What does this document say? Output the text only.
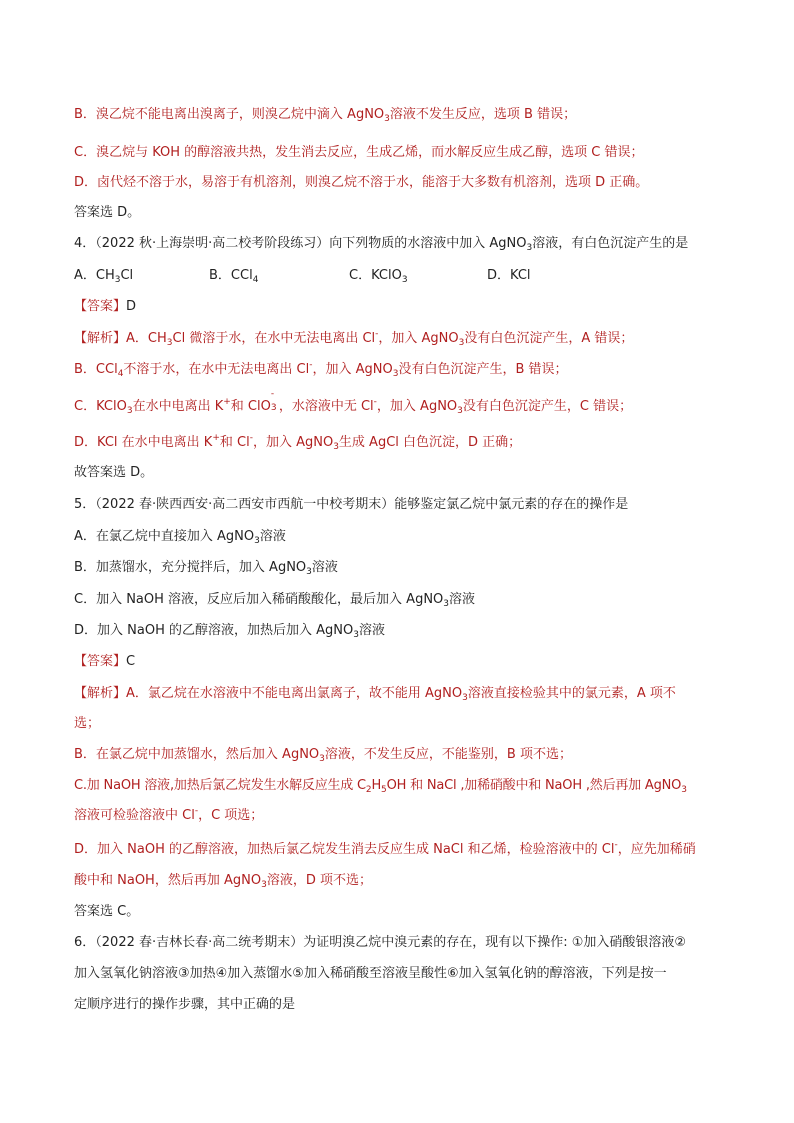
B．溴乙烷不能电离出溴离子，则溴乙烷中滴入 AgNO$_3$溶液不发生反应，选项 B 错误；
C．溴乙烷与 KOH 的醇溶液共热，发生消去反应，生成乙烯，而水解反应生成乙醇，选项 C 错误；
D．卤代烃不溶于水，易溶于有机溶剂，则溴乙烷不溶于水，能溶于大多数有机溶剂，选项 D 正确。
答案选 D。
4．（2022 秋·上海崇明·高二校考阶段练习）向下列物质的水溶液中加入 AgNO$_3$溶液，有白色沉淀产生的是
A．$CH_3Cl$	B．CCl$_4$	C．KClO$_3$	D．KCl
【答案】D
【解析】A．$CH_3Cl$ 微溶于水，在水中无法电离出 Cl-，加入 AgNO$_3$没有白色沉淀产生，A 错误；
B．CCl$_4$不溶于水，在水中无法电离出 Cl-，加入 AgNO$_3$没有白色沉淀产生，B 错误；
C．KClO$_3$在水中电离出 K+和 ClO
-
3 ，水溶液中无 Cl-，加入 AgNO$_3$没有白色沉淀产生，C 错误；
D．KCl 在水中电离出 K+和 Cl-，加入 AgNO$_3$生成 AgCl 白色沉淀，D 正确；
故答案选 D。
5．（2022 春·陕西西安·高二西安市西航一中校考期末）能够鉴定氯乙烷中氯元素的存在的操作是
A．在氯乙烷中直接加入 AgNO$_3$溶液
B．加蒸馏水，充分搅拌后，加入 AgNO$_3$溶液
C．加入 NaOH 溶液，反应后加入稀硝酸酸化，最后加入 AgNO$_3$溶液
D．加入 NaOH 的乙醇溶液，加热后加入 AgNO$_3$溶液
【答案】C
【解析】A．氯乙烷在水溶液中不能电离出氯离子，故不能用 AgNO$_3$溶液直接检验其中的氯元素，A 项不
选；
B．在氯乙烷中加蒸馏水，然后加入 AgNO$_3$溶液，不发生反应，不能鉴别，B 项不选；
C.加 NaOH 溶液,加热后氯乙烷发生水解反应生成 $C_2H_5OH$ 和 NaCl ,加稀硝酸中和 NaOH ,然后再加 AgNO$_3$
溶液可检验溶液中 Cl-，C 项选；
D．加入 NaOH 的乙醇溶液，加热后氯乙烷发生消去反应生成 NaCl 和乙烯，检验溶液中的 Cl-，应先加稀硝
酸中和 NaOH，然后再加 AgNO$_3$溶液，D 项不选；
答案选 C。
6．（2022 春·吉林长春·高二统考期末）为证明溴乙烷中溴元素的存在，现有以下操作: ①加入硝酸银溶液②
加入氢氧化钠溶液③加热④加入蒸馏水⑤加入稀硝酸至溶液呈酸性⑥加入氢氧化钠的醇溶液，下列是按一
定顺序进行的操作步骤，其中正确的是
